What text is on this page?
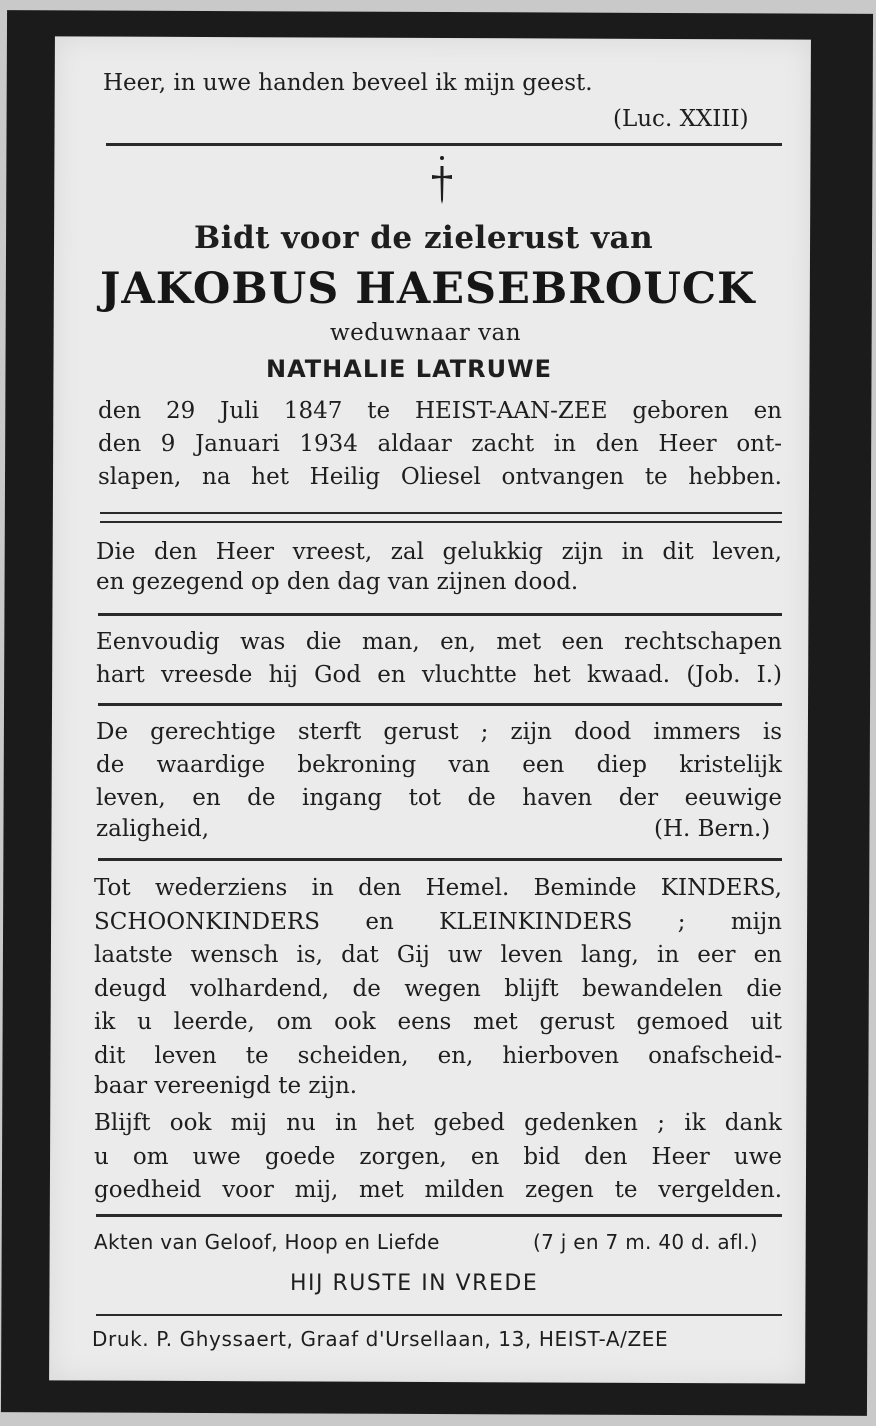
Heer, in uwe handen beveel ik mijn geest.
(Luc. XXIII)
Bidt voor de zielerust van
JAKOBUS HAESEBROUCK
weduwnaar van
NATHALIE LATRUWE
den 29 Juli 1847 te HEIST-AAN-ZEE geboren en
den 9 Januari 1934 aldaar zacht in den Heer ont-
slapen, na het Heilig Oliesel ontvangen te hebben.
Die den Heer vreest, zal gelukkig zijn in dit leven,
en gezegend op den dag van zijnen dood.
Eenvoudig was die man, en, met een rechtschapen
hart vreesde hij God en vluchtte het kwaad. (Job. I.)
De gerechtige sterft gerust ; zijn dood immers is
de waardige bekroning van een diep kristelijk
leven, en de ingang tot de haven der eeuwige
zaligheid,	(H. Bern.)
Tot wederziens in den Hemel. Beminde KINDERS,
SCHOONKINDERS en KLEINKINDERS ; mijn
laatste wensch is, dat Gij uw leven lang, in eer en
deugd volhardend, de wegen blijft bewandelen die
ik u leerde, om ook eens met gerust gemoed uit
dit leven te scheiden, en, hierboven onafscheid-
baar vereenigd te zijn.
Blijft ook mij nu in het gebed gedenken ; ik dank
u om uwe goede zorgen, en bid den Heer uwe
goedheid voor mij, met milden zegen te vergelden.
Akten van Geloof, Hoop en Liefde	(7 j en 7 m. 40 d. afl.)
HIJ RUSTE IN VREDE
Druk. P. Ghyssaert, Graaf d'Ursellaan, 13, HEIST-A/ZEE
